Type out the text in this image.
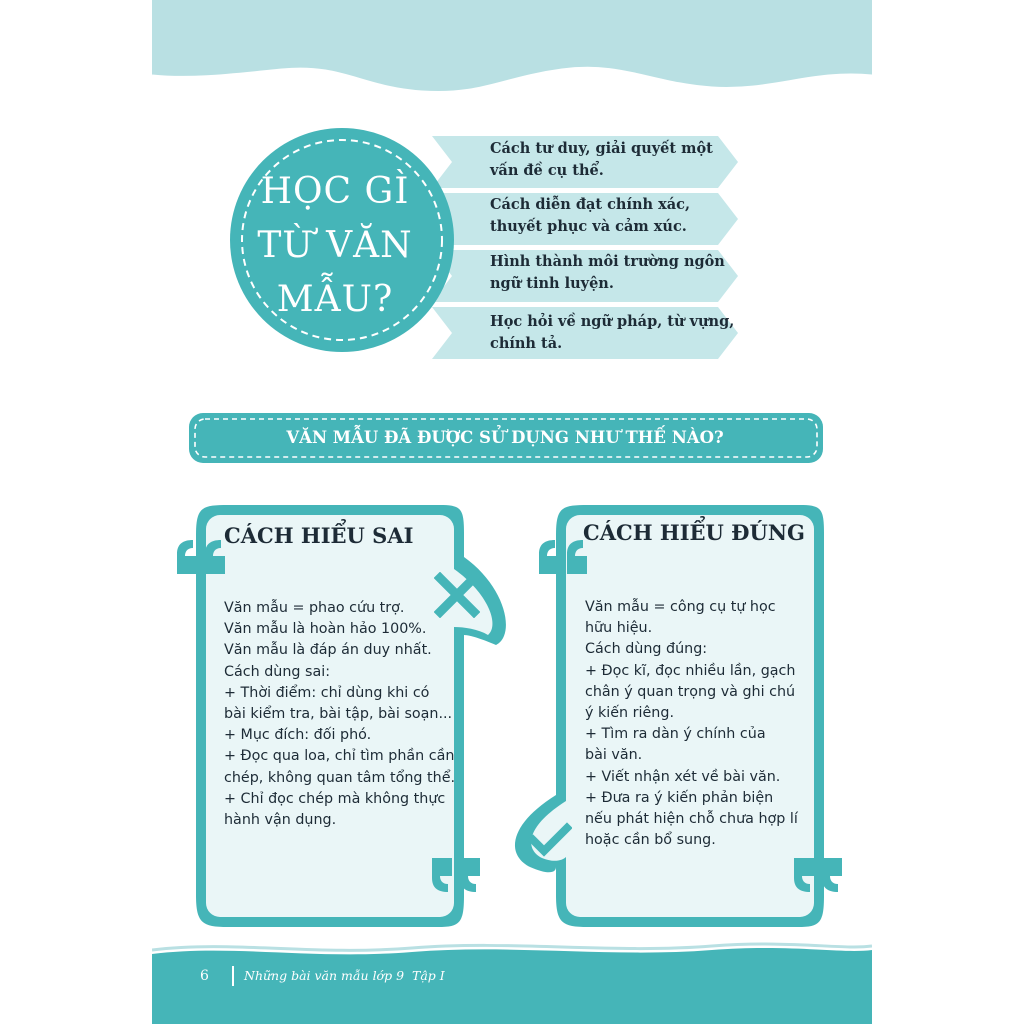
HỌC GÌ
TỪ VĂN
MẪU?
Cách tư duy, giải quyết một
vấn đề cụ thể.
Cách diễn đạt chính xác,
thuyết phục và cảm xúc.
Hình thành môi trường ngôn
ngữ tinh luyện.
Học hỏi về ngữ pháp, từ vựng,
chính tả.
VĂN MẪU ĐÃ ĐƯỢC SỬ DỤNG NHƯ THẾ NÀO?
CÁCH HIỂU SAI
Văn mẫu = phao cứu trợ.
Văn mẫu là hoàn hảo 100%.
Văn mẫu là đáp án duy nhất.
Cách dùng sai:
+ Thời điểm: chỉ dùng khi có
bài kiểm tra, bài tập, bài soạn...
+ Mục đích: đối phó.
+ Đọc qua loa, chỉ tìm phần cần
chép, không quan tâm tổng thể.
+ Chỉ đọc chép mà không thực
hành vận dụng.
CÁCH HIỂU ĐÚNG
Văn mẫu = công cụ tự học
hữu hiệu.
Cách dùng đúng:
+ Đọc kĩ, đọc nhiều lần, gạch
chân ý quan trọng và ghi chú
ý kiến riêng.
+ Tìm ra dàn ý chính của
bài văn.
+ Viết nhận xét về bài văn.
+ Đưa ra ý kiến phản biện
nếu phát hiện chỗ chưa hợp lí
hoặc cần bổ sung.
6	Những bài văn mẫu lớp 9 Tập I
